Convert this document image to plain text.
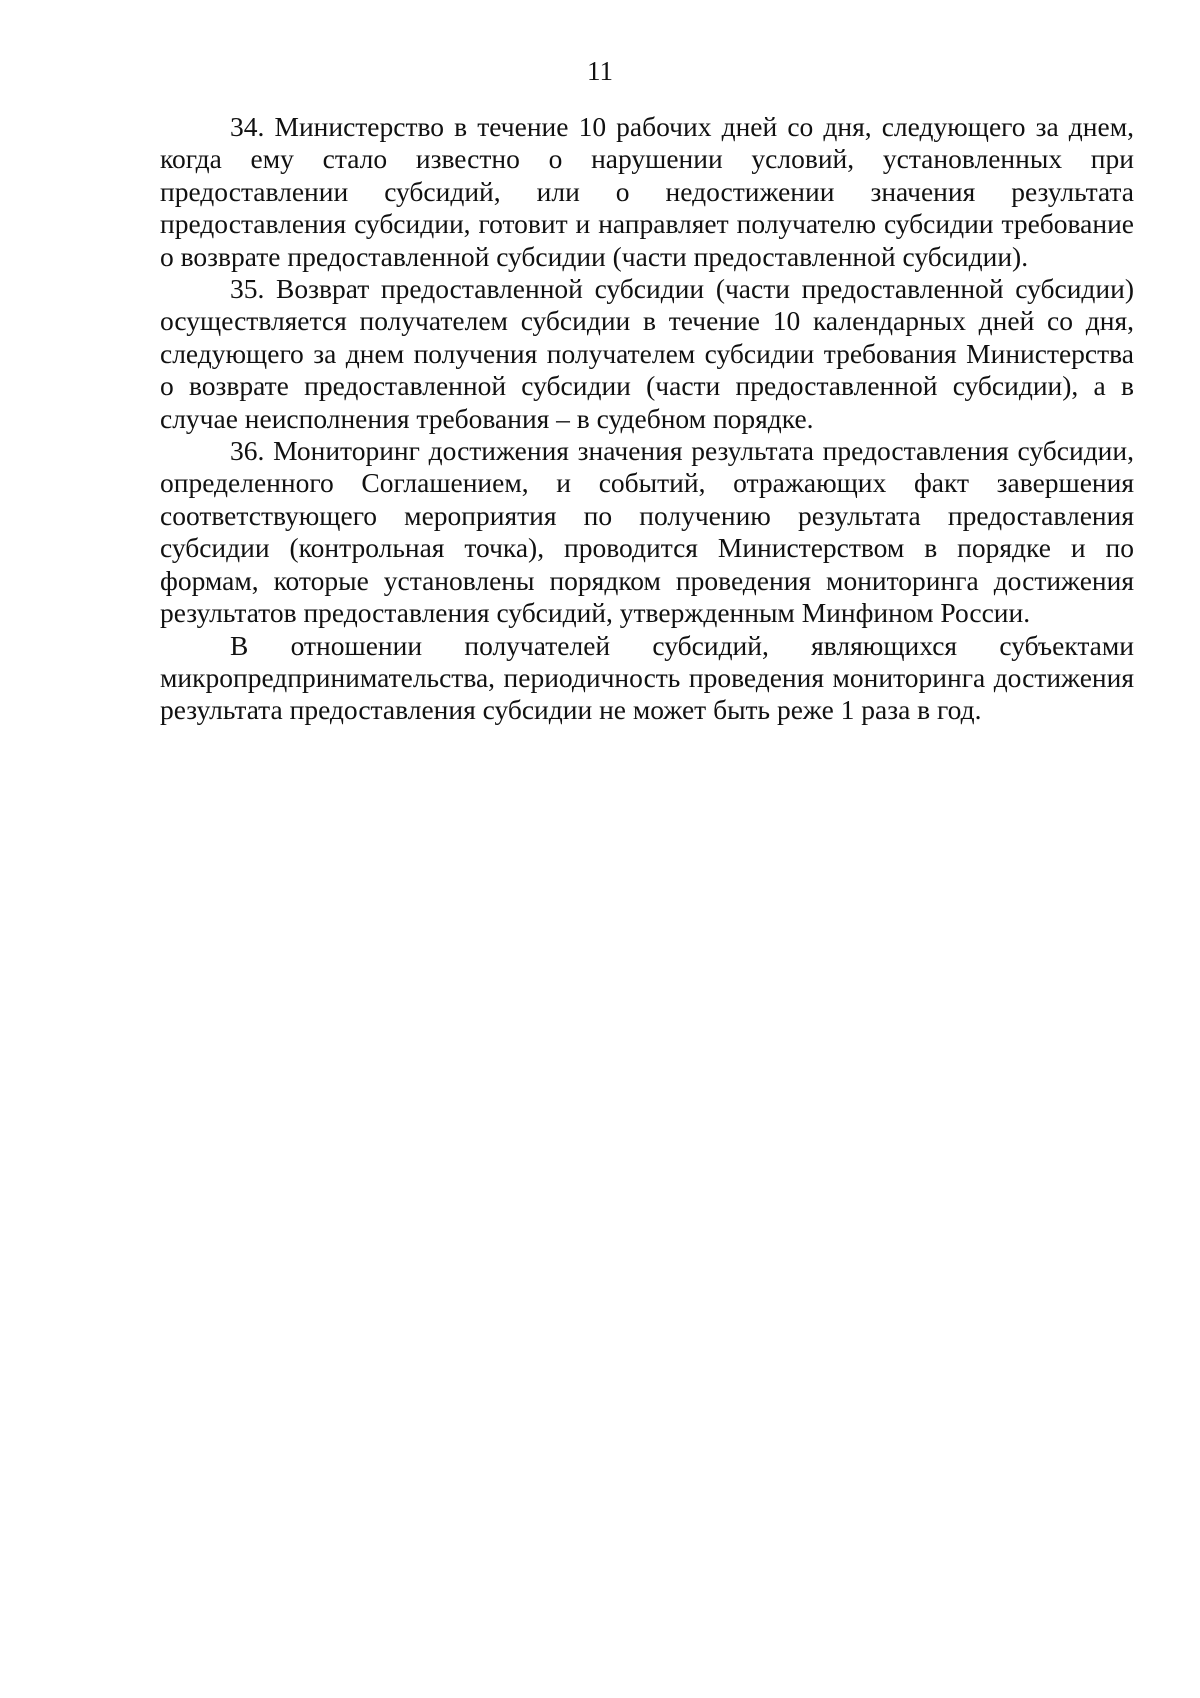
11

34. Министерство в течение 10 рабочих дней со дня, следующего за днем, когда ему стало известно о нарушении условий, установленных при предоставлении субсидий, или о недостижении значения результата предоставления субсидии, готовит и направляет получателю субсидии требование о возврате предоставленной субсидии (части предоставленной субсидии).

35. Возврат предоставленной субсидии (части предоставленной субсидии) осуществляется получателем субсидии в течение 10 календарных дней со дня, следующего за днем получения получателем субсидии требования Министерства о возврате предоставленной субсидии (части предоставленной субсидии), а в случае неисполнения требования – в судебном порядке.

36. Мониторинг достижения значения результата предоставления субсидии, определенного Соглашением, и событий, отражающих факт завершения соответствующего мероприятия по получению результата предоставления субсидии (контрольная точка), проводится Министерством в порядке и по формам, которые установлены порядком проведения мониторинга достижения результатов предоставления субсидий, утвержденным Минфином России.

В отношении получателей субсидий, являющихся субъектами микропредпринимательства, периодичность проведения мониторинга достижения результата предоставления субсидии не может быть реже 1 раза в год.
